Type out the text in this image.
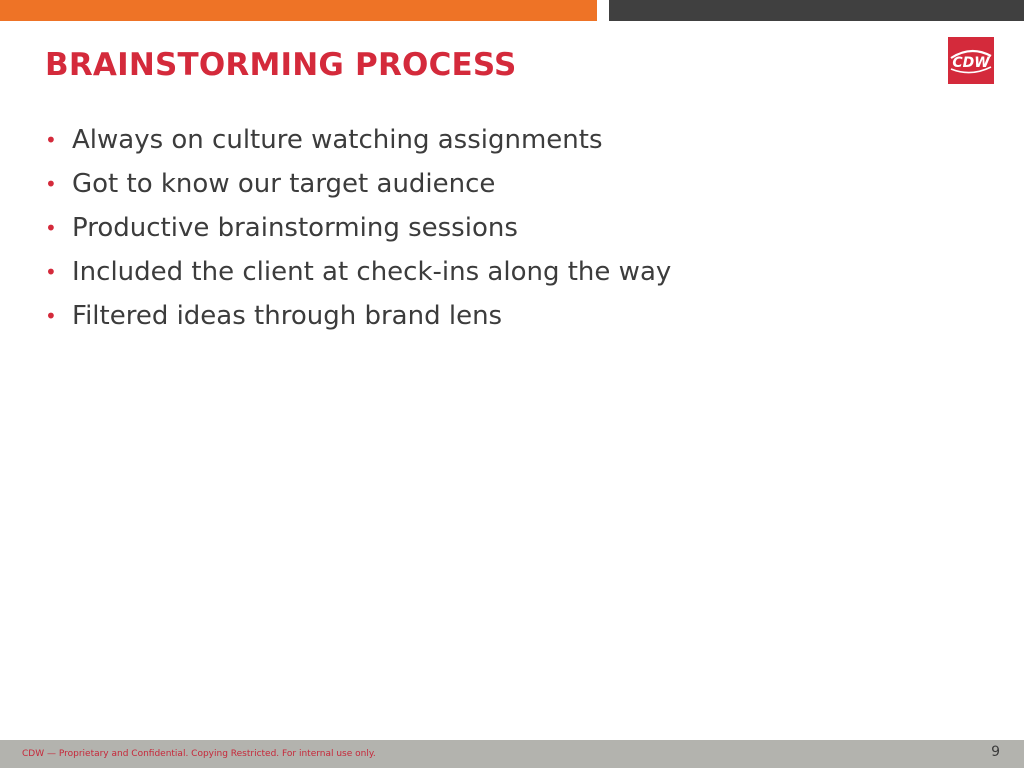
BRAINSTORMING PROCESS	CDW
• Always on culture watching assignments
• Got to know our target audience
• Productive brainstorming sessions
• Included the client at check-ins along the way
• Filtered ideas through brand lens
CDW — Proprietary and Confidential. Copying Restricted. For internal use only.	9
